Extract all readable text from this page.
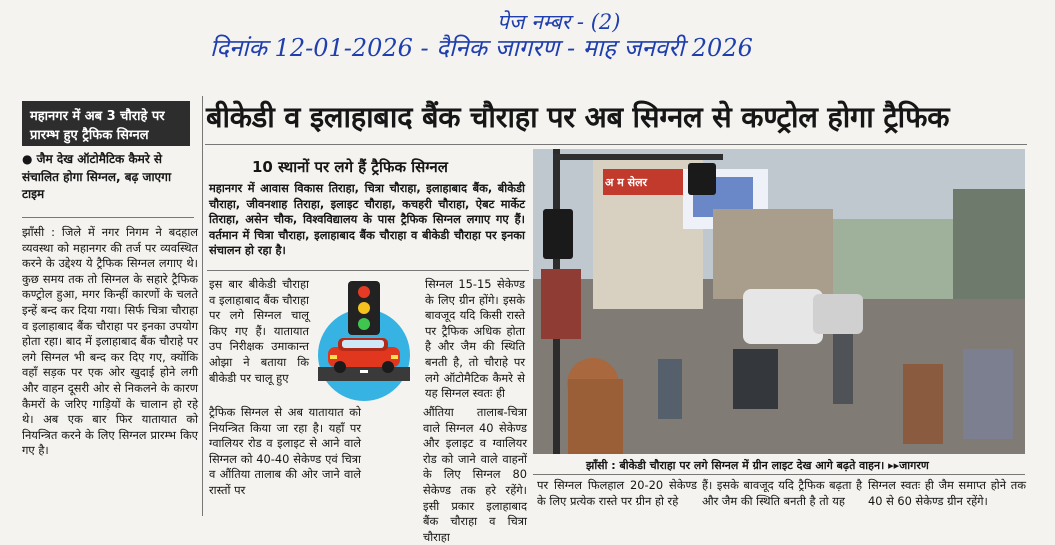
पेज नम्बर - (2)
दिनांक 12-01-2026 - दैनिक जागरण - माह जनवरी 2026
महानगर में अब 3 चौराहे पर प्रारम्भ हुए ट्रैफिक सिग्नल
● जैम देख ऑटोमैटिक कैमरे से संचालित होगा सिग्नल, बढ़ जाएगा टाइम
झाँसी : जिले में नगर निगम ने बदहाल व्यवस्था को महानगर की तर्ज पर व्यवस्थित करने के उद्देश्य ये ट्रैफिक सिग्नल लगाए थे। कुछ समय तक तो सिग्नल के सहारे ट्रैफिक कण्ट्रोल हुआ, मगर किन्हीं कारणों के चलते इन्हें बन्द कर दिया गया। सिर्फ चित्रा चौराहा व इलाहाबाद बैंक चौराहा पर इनका उपयोग होता रहा। बाद में इलाहाबाद बैंक चौराहे पर लगे सिग्नल भी बन्द कर दिए गए, क्योंकि वहाँ सड़क पर एक ओर खुदाई होने लगी और वाहन दूसरी ओर से निकलने के कारण कैमरों के जरिए गाड़ियों के चालान हो रहे थे। अब एक बार फिर यातायात को नियन्त्रित करने के लिए सिग्नल प्रारम्भ किए गए है।
बीकेडी व इलाहाबाद बैंक चौराहा पर अब सिग्नल से कण्ट्रोल होगा ट्रैफिक
10 स्थानों पर लगे हैं ट्रैफिक सिग्नल
महानगर में आवास विकास तिराहा, चित्रा चौराहा, इलाहाबाद बैंक, बीकेडी चौराहा, जीवनशाह तिराहा, इलाइट चौराहा, कचहरी चौराहा, ऐबट मार्केट तिराहा, असेन चौक, विश्वविद्यालय के पास ट्रैफिक सिग्नल लगाए गए हैं। वर्तमान में चित्रा चौराहा, इलाहाबाद बैंक चौराहा व बीकेडी चौराहा पर इनका संचालन हो रहा है।
इस बार बीकेडी चौराहा व इलाहाबाद बैंक चौराहा पर लगे सिग्नल चालू किए गए हैं। यातायात उप निरीक्षक उमाकान्त ओझा ने बताया कि बीकेडी पर चालू हुए
ट्रैफिक सिग्नल से अब यातायात को नियन्त्रित किया जा रहा है। यहाँ पर ग्वालियर रोड व इलाइट से आने वाले सिग्नल को 40-40 सेकेण्ड एवं चित्रा व औंतिया तालाब की ओर जाने वाले रास्तों पर
सिग्नल 15-15 सेकेण्ड के लिए ग्रीन होंगे। इसके बावजूद यदि किसी रास्ते पर ट्रैफिक अधिक होता है और जैम की स्थिति बनती है, तो चौराहे पर लगे ऑटोमैटिक कैमरे से यह सिग्नल स्वतः ही
औंतिया तालाब-चित्रा वाले सिग्नल 40 सेकेण्ड और इलाइट व ग्वालियर रोड को जाने वाले वाहनों के लिए सिग्नल 80 सेकेण्ड तक हरे रहेंगे। इसी प्रकार इलाहाबाद बैंक चौराहा व चित्रा चौराहा
अ म सेलर
झाँसी : बीकेडी चौराहा पर लगे सिग्नल में ग्रीन लाइट देख आगे बढ़ते वाहन। ▸▸जागरण
पर सिग्नल फिलहाल 20-20 सेकेण्ड के लिए प्रत्येक रास्ते पर ग्रीन हो रहे
हैं। इसके बावजूद यदि ट्रैफिक बढ़ता है और जैम की स्थिति बनती है तो यह
सिग्नल स्वतः ही जैम समाप्त होने तक 40 से 60 सेकेण्ड ग्रीन रहेंगे।
